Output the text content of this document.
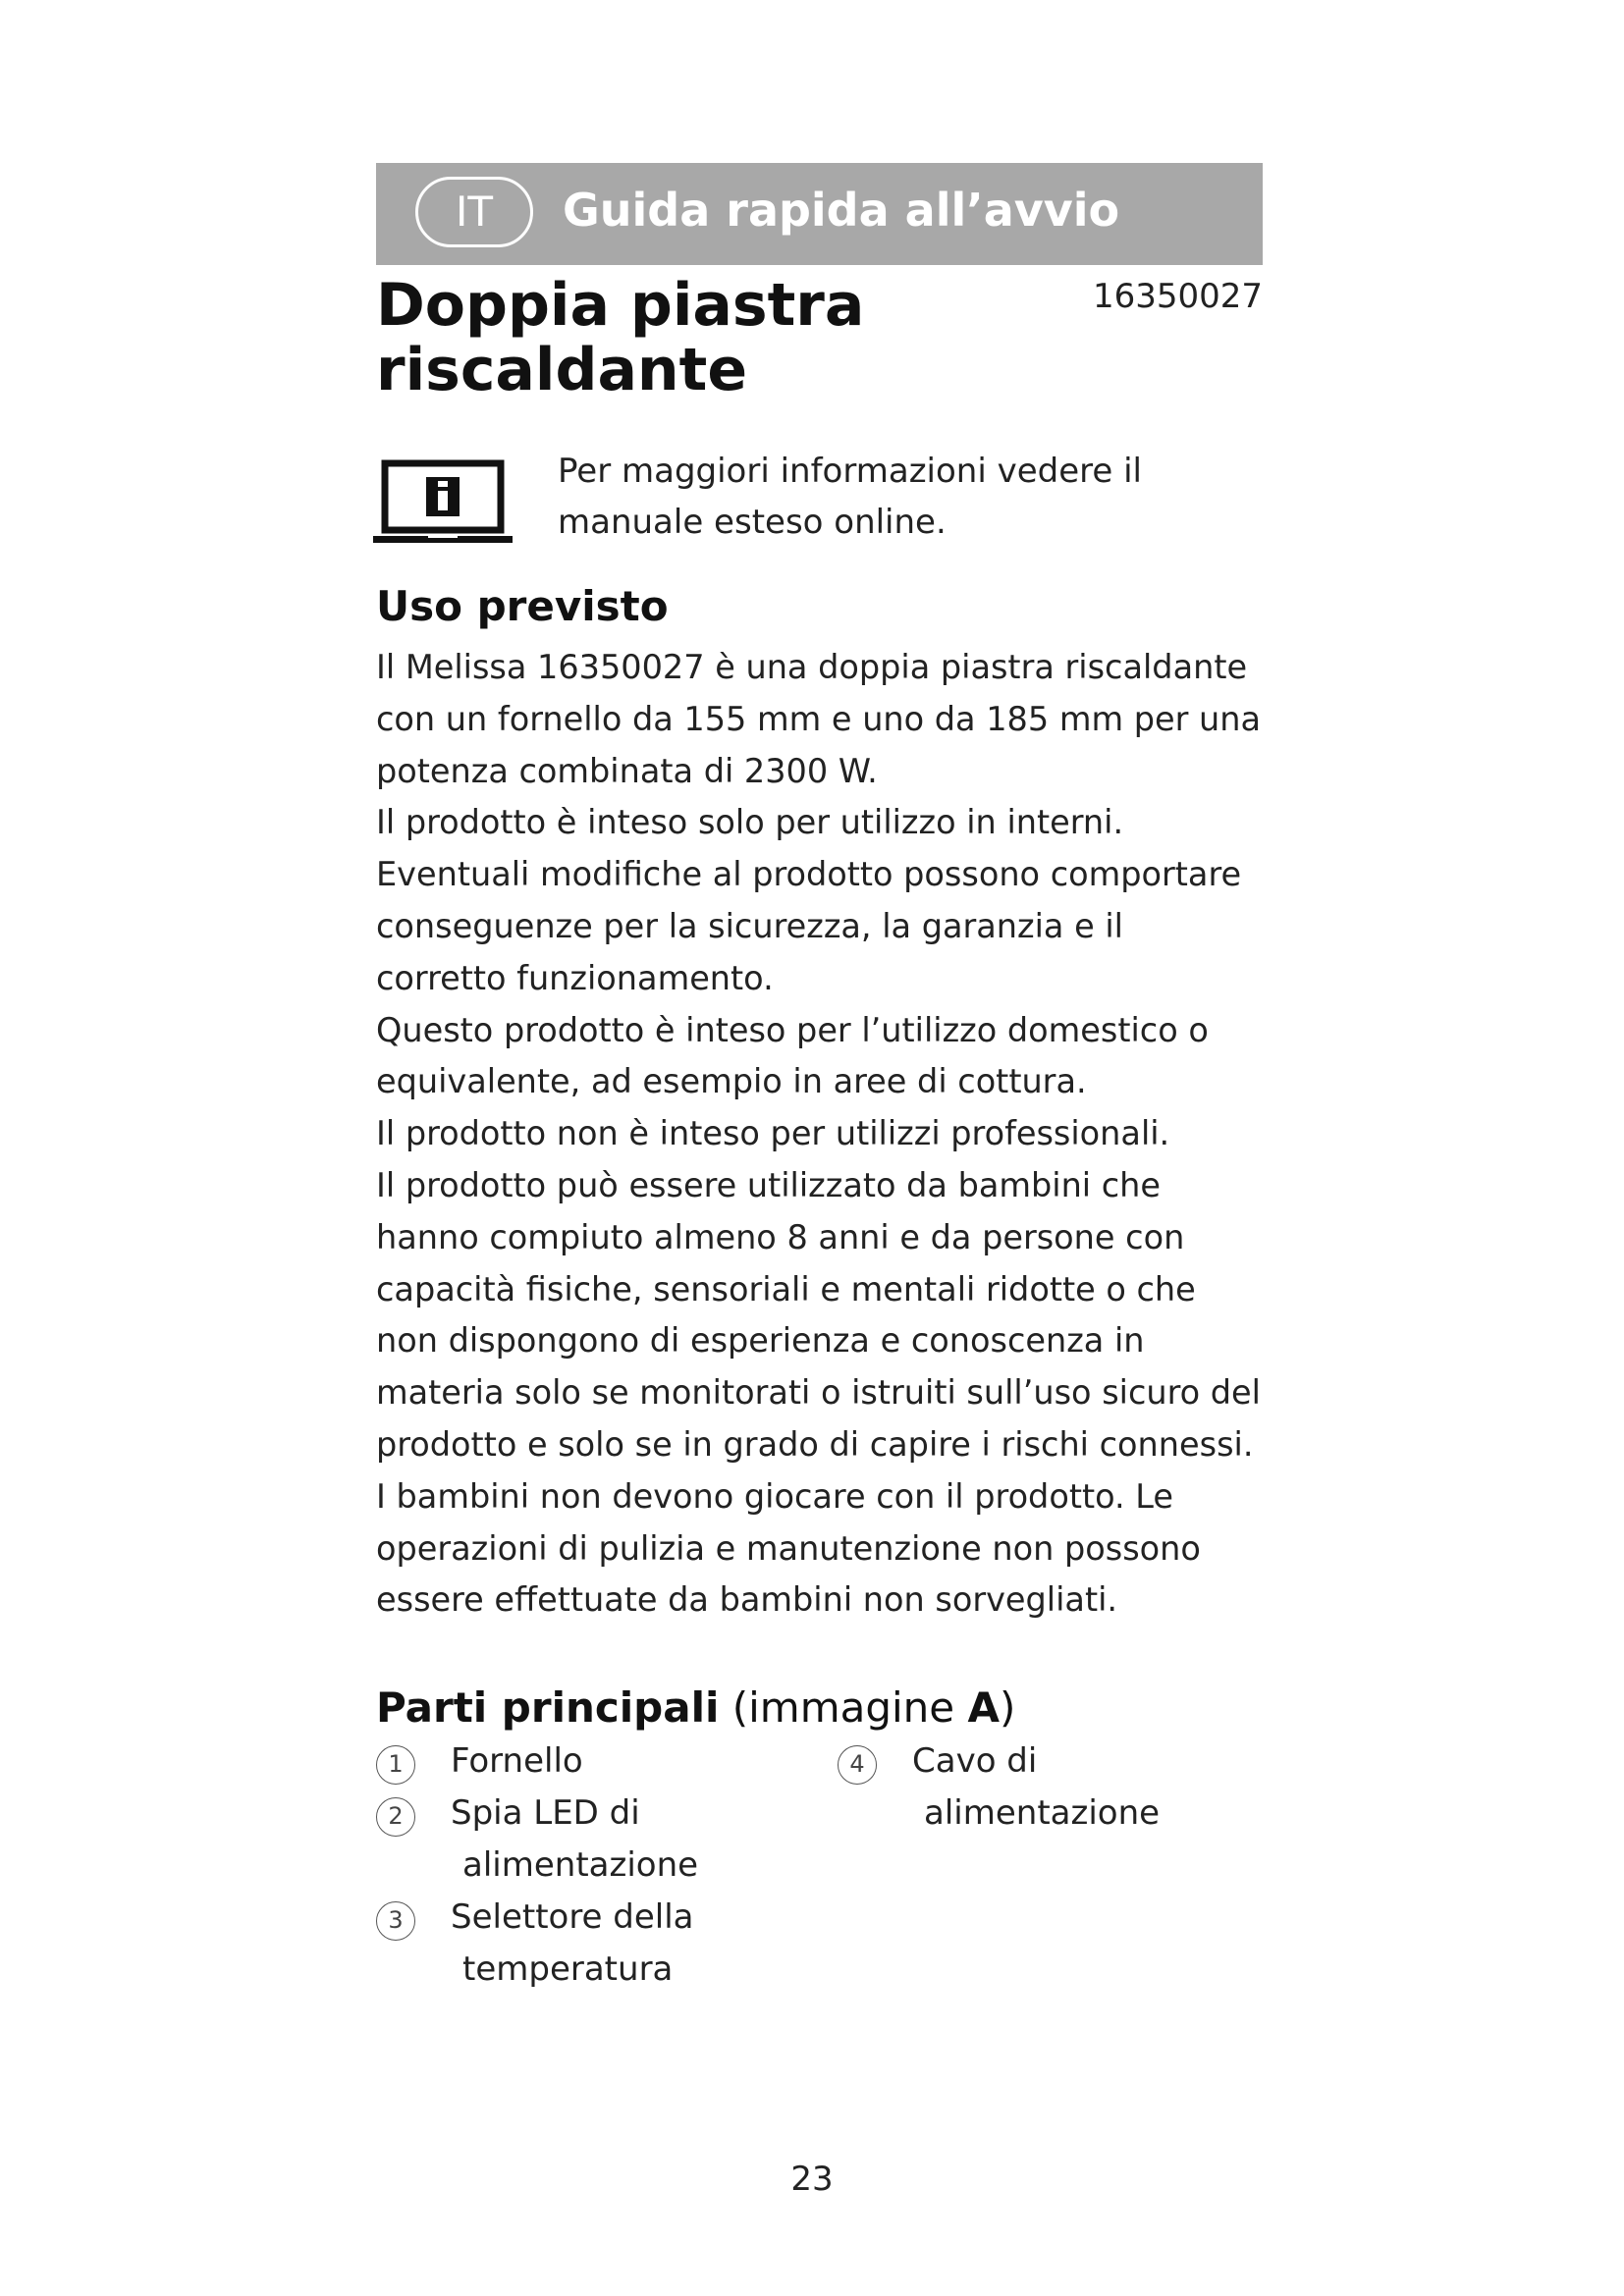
IT	Guida rapida all’avvio
Doppia piastra riscaldante
16350027
Per maggiori informazioni vedere il manuale esteso online.
Uso previsto

Il Melissa 16350027 è una doppia piastra riscaldante con un fornello da 155 mm e uno da 185 mm per una potenza combinata di 2300 W.

Il prodotto è inteso solo per utilizzo in interni.

Eventuali modifiche al prodotto possono comportare conseguenze per la sicurezza, la garanzia e il corretto funzionamento.

Questo prodotto è inteso per l’utilizzo domestico o equivalente, ad esempio in aree di cottura.

Il prodotto non è inteso per utilizzi professionali.

Il prodotto può essere utilizzato da bambini che hanno compiuto almeno 8 anni e da persone con capacità fisiche, sensoriali e mentali ridotte o che non dispongono di esperienza e conoscenza in materia solo se monitorati o istruiti sull’uso sicuro del prodotto e solo se in grado di capire i rischi connessi. I bambini non devono giocare con il prodotto. Le operazioni di pulizia e manutenzione non possono essere effettuate da bambini non sorvegliati.

Parti principali (immagine A)
1	Fornello
2	Spia LED di alimentazione
3	Selettore della temperatura
4	Cavo di alimentazione
23
